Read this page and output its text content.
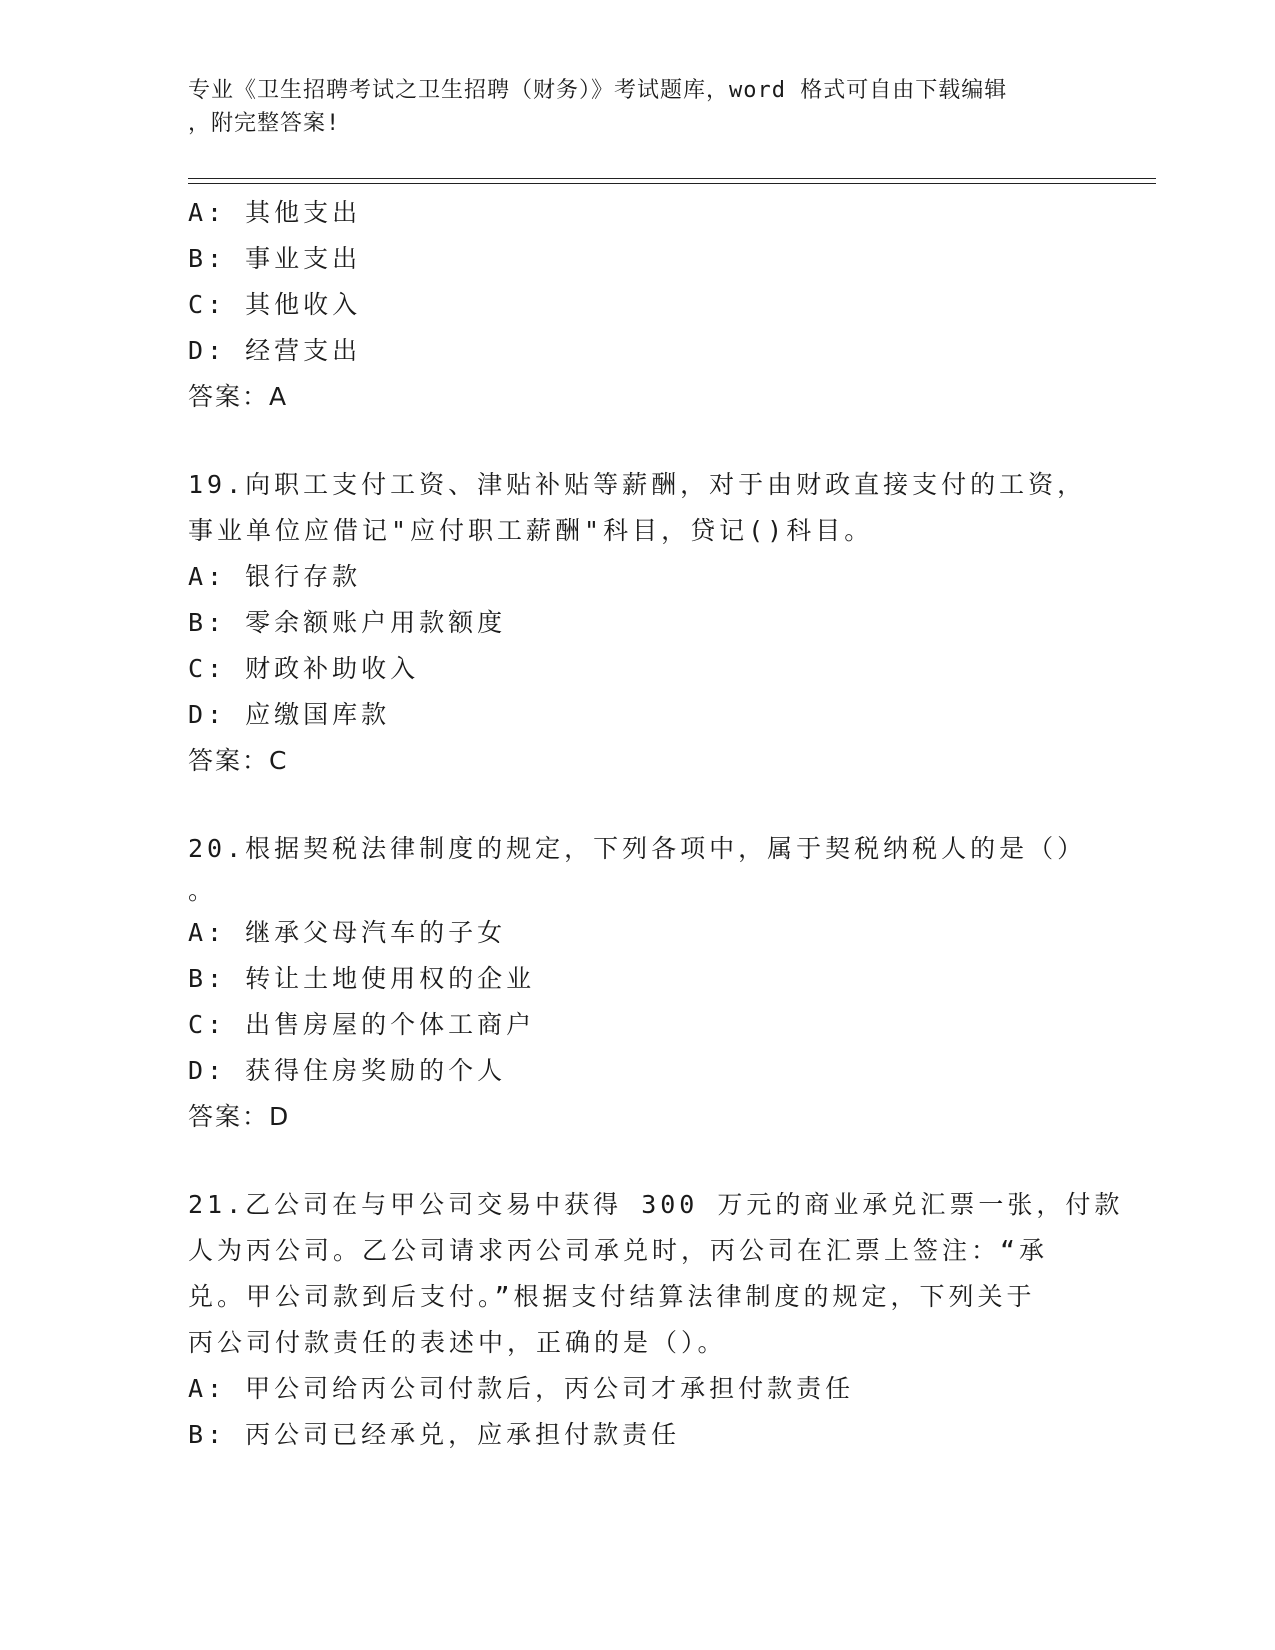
专业《卫生招聘考试之卫生招聘（财务）》考试题库，word 格式可自由下载编辑
，附完整答案!
A: 其他支出
B: 事业支出
C: 其他收入
D: 经营支出
答案：A
19.向职工支付工资、津贴补贴等薪酬，对于由财政直接支付的工资，
事业单位应借记"应付职工薪酬"科目，贷记()科目。
A: 银行存款
B: 零余额账户用款额度
C: 财政补助收入
D: 应缴国库款
答案：C
20.根据契税法律制度的规定，下列各项中，属于契税纳税人的是（）
。
A: 继承父母汽车的子女
B: 转让土地使用权的企业
C: 出售房屋的个体工商户
D: 获得住房奖励的个人
答案：D
21.乙公司在与甲公司交易中获得 300 万元的商业承兑汇票一张，付款
人为丙公司。乙公司请求丙公司承兑时，丙公司在汇票上签注：“承
兑。甲公司款到后支付。”根据支付结算法律制度的规定，下列关于
丙公司付款责任的表述中，正确的是（）。
A: 甲公司给丙公司付款后，丙公司才承担付款责任
B: 丙公司已经承兑，应承担付款责任
